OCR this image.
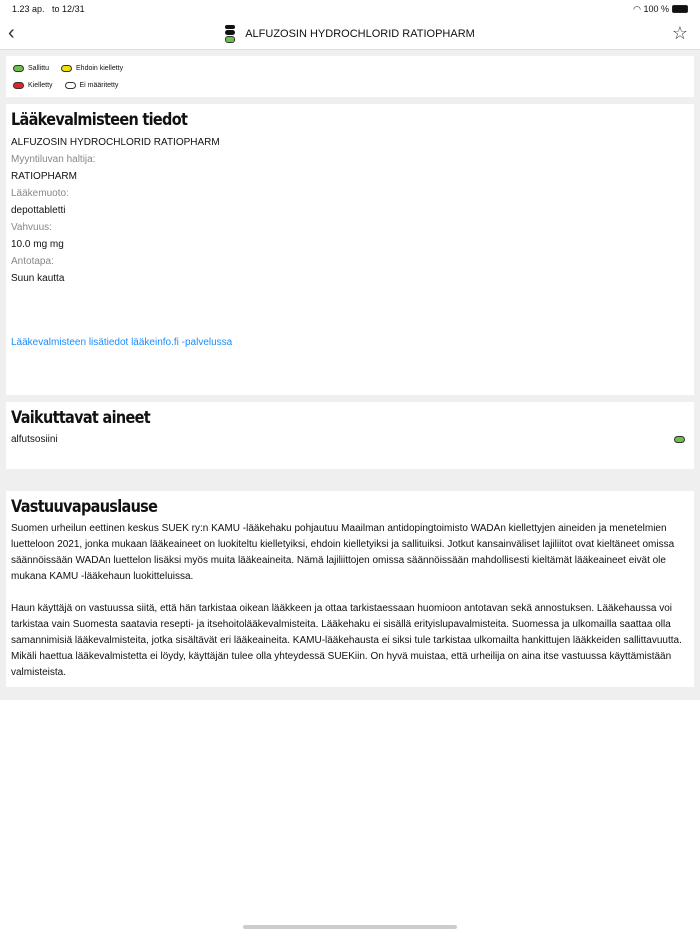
1.23 ap. to 12/31	◠ 100 %
‹	ALFUZOSIN HYDROCHLORID RATIOPHARM	☆
Sallittu	Ehdoin kielletty
Kielletty	Ei määritetty
Lääkevalmisteen tiedot
ALFUZOSIN HYDROCHLORID RATIOPHARM
Myyntiluvan haltija:
RATIOPHARM
Lääkemuoto:
depottabletti
Vahvuus:
10.0 mg mg
Antotapa:
Suun kautta
Lääkevalmisteen lisätiedot lääkeinfo.fi -palvelussa
Vaikuttavat aineet
alfutsosiini
Vastuuvapauslause

Suomen urheilun eettinen keskus SUEK ry:n KAMU -lääkehaku pohjautuu Maailman antidopingtoimisto WADAn kiellettyjen aineiden ja menetelmien luetteloon 2021, jonka mukaan lääkeaineet on luokiteltu kielletyiksi, ehdoin kielletyiksi ja sallituiksi. Jotkut kansainväliset lajiliitot ovat kieltäneet omissa säännöissään WADAn luettelon lisäksi myös muita lääkeaineita. Nämä lajiliittojen omissa säännöissään mahdollisesti kieltämät lääkeaineet eivät ole mukana KAMU -lääkehaun luokitteluissa.

Haun käyttäjä on vastuussa siitä, että hän tarkistaa oikean lääkkeen ja ottaa tarkistaessaan huomioon antotavan sekä annostuksen. Lääkehaussa voi tarkistaa vain Suomesta saatavia resepti- ja itsehoitolääkevalmisteita. Lääkehaku ei sisällä erityislupavalmisteita. Suomessa ja ulkomailla saattaa olla samannimisiä lääkevalmisteita, jotka sisältävät eri lääkeaineita. KAMU-lääkehausta ei siksi tule tarkistaa ulkomailta hankittujen lääkkeiden sallittavuutta. Mikäli haettua lääkevalmistetta ei löydy, käyttäjän tulee olla yhteydessä SUEKiin. On hyvä muistaa, että urheilija on aina itse vastuussa käyttämistään valmisteista.
